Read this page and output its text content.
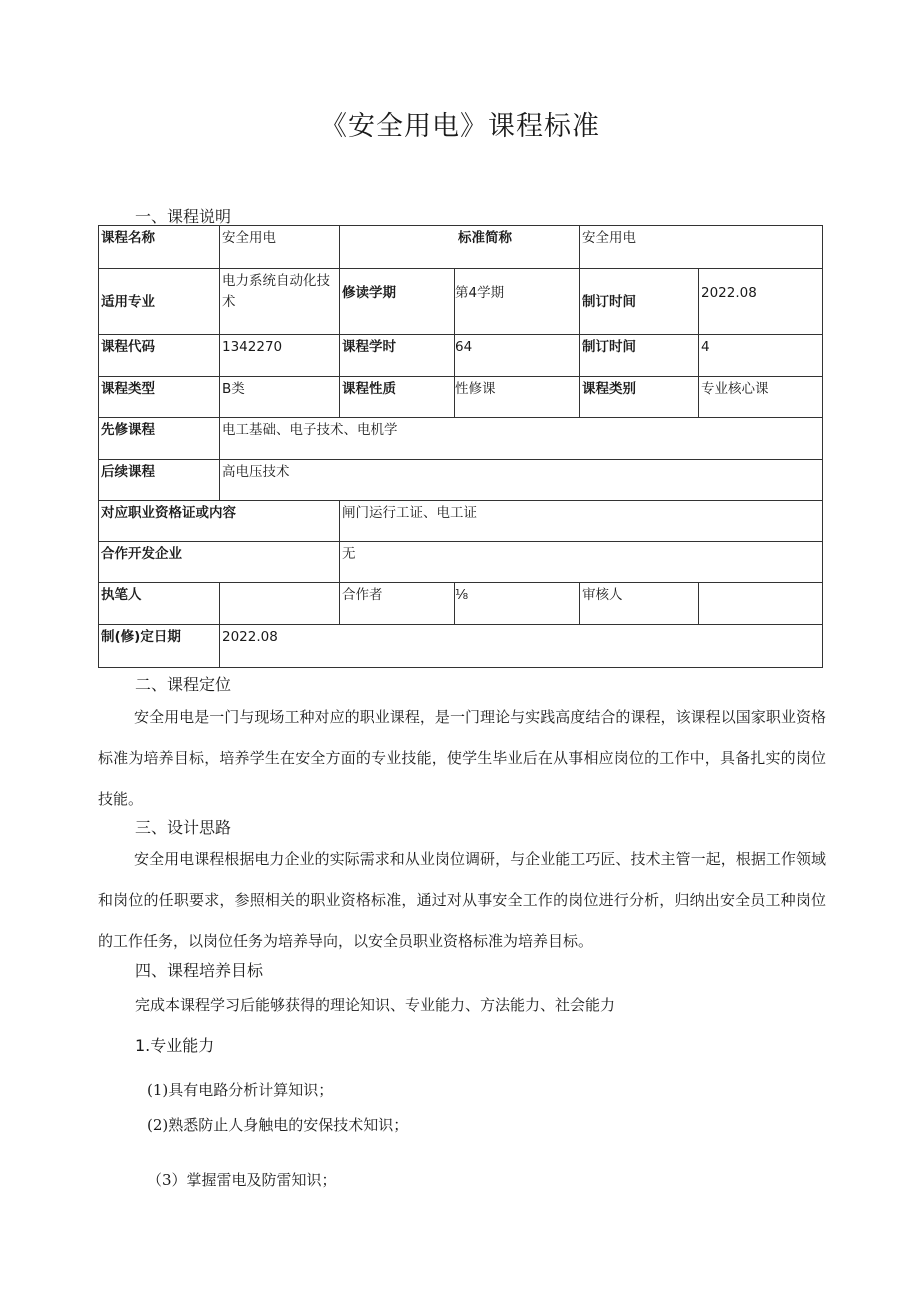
《安全用电》课程标准
一、课程说明
课程名称	安全用电	标准简称		安全用电	
适用专业	电力系统自动化技术	修读学期	第4学期	制订时间	2022.08
课程代码	1342270	课程学时	64	制订时间	4
课程类型	B类	课程性质	性修课	课程类别	专业核心课
先修课程	电工基础、电子技术、电机学				
后续课程	高电压技术				
对应职业资格证或内容		闸门运行工证、电工证			
合作开发企业		无			
执笔人		合作者	⅛	审核人	
制(修)定日期	2022.08				
二、课程定位
安全用电是一门与现场工种对应的职业课程，是一门理论与实践高度结合的课程，该课程以国家职业资格标准为培养目标，培养学生在安全方面的专业技能，使学生毕业后在从事相应岗位的工作中，具备扎实的岗位技能。
三、设计思路
安全用电课程根据电力企业的实际需求和从业岗位调研，与企业能工巧匠、技术主管一起，根据工作领域和岗位的任职要求，参照相关的职业资格标准，通过对从事安全工作的岗位进行分析，归纳出安全员工种岗位的工作任务，以岗位任务为培养导向，以安全员职业资格标准为培养目标。
四、课程培养目标
完成本课程学习后能够获得的理论知识、专业能力、方法能力、社会能力
1.专业能力
(1)具有电路分析计算知识；
(2)熟悉防止人身触电的安保技术知识；
（3）掌握雷电及防雷知识；
